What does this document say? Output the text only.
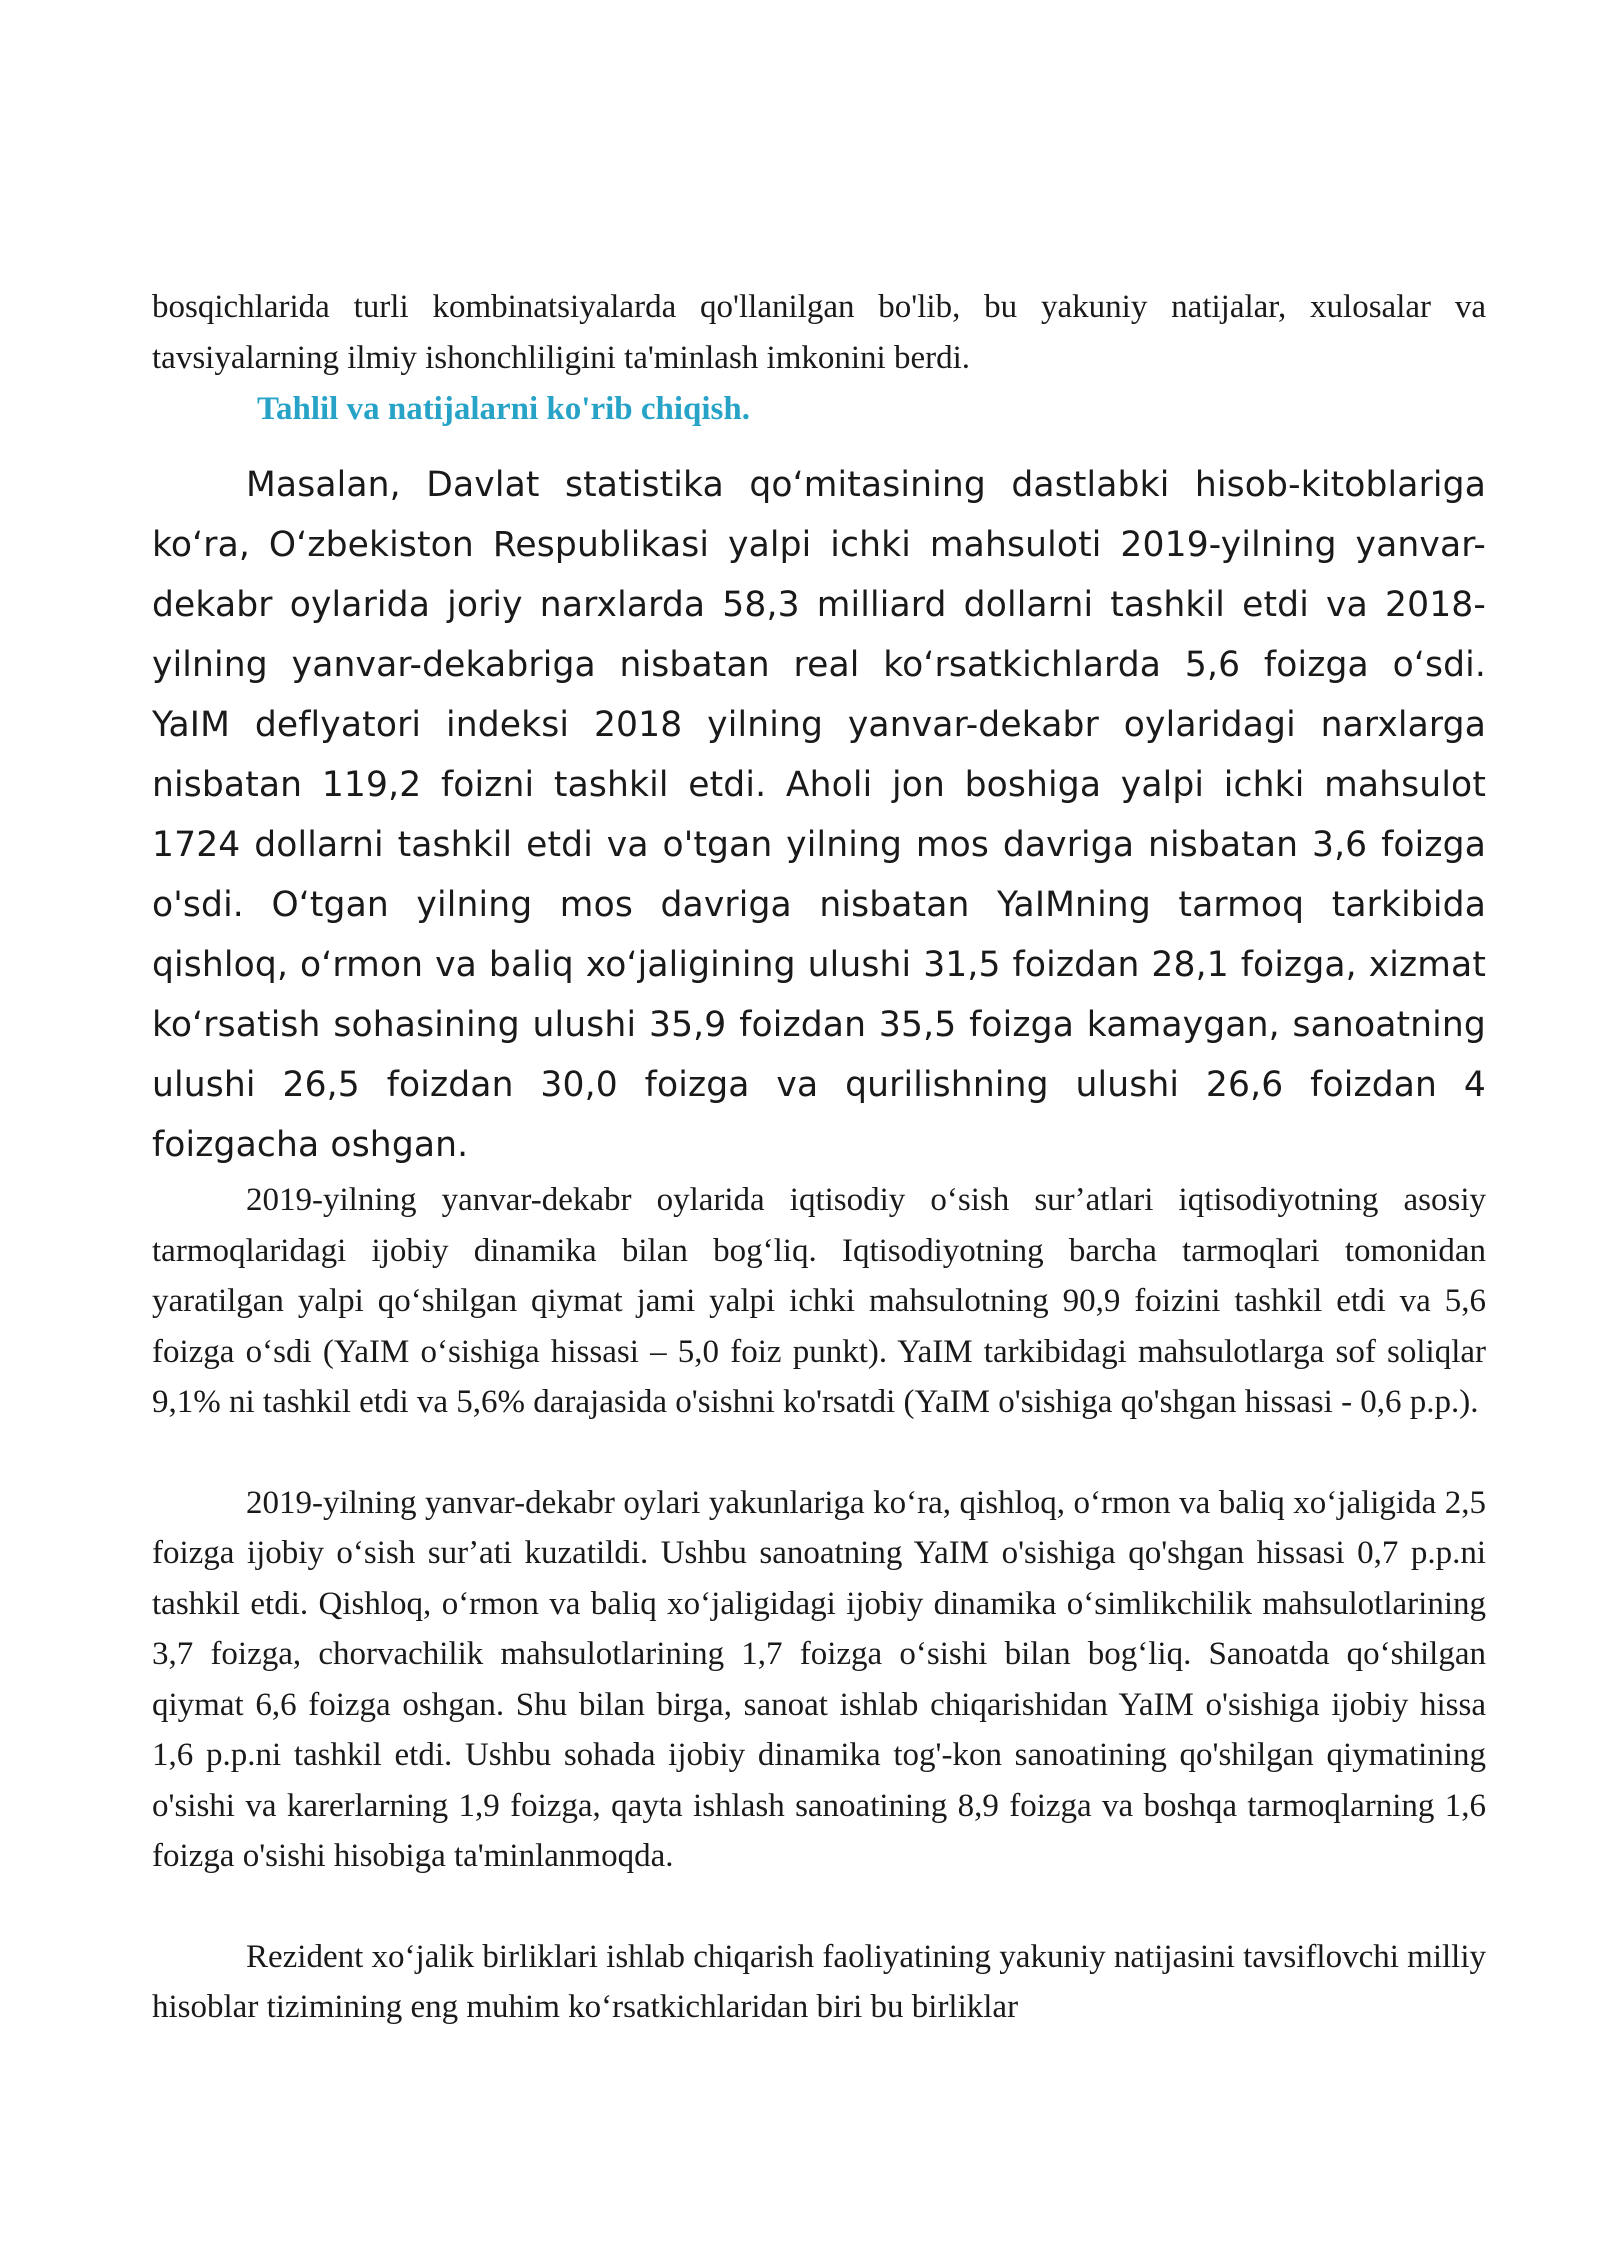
bosqichlarida turli kombinatsiyalarda qo'llanilgan bo'lib, bu yakuniy natijalar, xulosalar va tavsiyalarning ilmiy ishonchliligini ta'minlash imkonini berdi.

Tahlil va natijalarni ko'rib chiqish.

Masalan, Davlat statistika qoʻmitasining dastlabki hisob-kitoblariga koʻra, Oʻzbekiston Respublikasi yalpi ichki mahsuloti 2019-yilning yanvar-dekabr oylarida joriy narxlarda 58,3 milliard dollarni tashkil etdi va 2018-yilning yanvar-dekabriga nisbatan real koʻrsatkichlarda 5,6 foizga oʻsdi. YaIM deflyatori indeksi 2018 yilning yanvar-dekabr oylaridagi narxlarga nisbatan 119,2 foizni tashkil etdi. Aholi jon boshiga yalpi ichki mahsulot 1724 dollarni tashkil etdi va o'tgan yilning mos davriga nisbatan 3,6 foizga o'sdi. Oʻtgan yilning mos davriga nisbatan YaIMning tarmoq tarkibida qishloq, oʻrmon va baliq xoʻjaligining ulushi 31,5 foizdan 28,1 foizga, xizmat koʻrsatish sohasining ulushi 35,9 foizdan 35,5 foizga kamaygan, sanoatning ulushi 26,5 foizdan 30,0 foizga va qurilishning ulushi 26,6 foizdan 4 foizgacha oshgan.

2019-yilning yanvar-dekabr oylarida iqtisodiy oʻsish surʼatlari iqtisodiyotning asosiy tarmoqlaridagi ijobiy dinamika bilan bogʻliq. Iqtisodiyotning barcha tarmoqlari tomonidan yaratilgan yalpi qoʻshilgan qiymat jami yalpi ichki mahsulotning 90,9 foizini tashkil etdi va 5,6 foizga oʻsdi (YaIM oʻsishiga hissasi – 5,0 foiz punkt). YaIM tarkibidagi mahsulotlarga sof soliqlar 9,1% ni tashkil etdi va 5,6% darajasida o'sishni ko'rsatdi (YaIM o'sishiga qo'shgan hissasi - 0,6 p.p.).

2019-yilning yanvar-dekabr oylari yakunlariga koʻra, qishloq, oʻrmon va baliq xoʻjaligida 2,5 foizga ijobiy oʻsish surʼati kuzatildi. Ushbu sanoatning YaIM o'sishiga qo'shgan hissasi 0,7 p.p.ni tashkil etdi. Qishloq, oʻrmon va baliq xoʻjaligidagi ijobiy dinamika oʻsimlikchilik mahsulotlarining 3,7 foizga, chorvachilik mahsulotlarining 1,7 foizga oʻsishi bilan bogʻliq. Sanoatda qoʻshilgan qiymat 6,6 foizga oshgan. Shu bilan birga, sanoat ishlab chiqarishidan YaIM o'sishiga ijobiy hissa 1,6 p.p.ni tashkil etdi. Ushbu sohada ijobiy dinamika tog'-kon sanoatining qo'shilgan qiymatining o'sishi va karerlarning 1,9 foizga, qayta ishlash sanoatining 8,9 foizga va boshqa tarmoqlarning 1,6 foizga o'sishi hisobiga ta'minlanmoqda.

Rezident xoʻjalik birliklari ishlab chiqarish faoliyatining yakuniy natijasini tavsiflovchi milliy hisoblar tizimining eng muhim koʻrsatkichlaridan biri bu birliklar
